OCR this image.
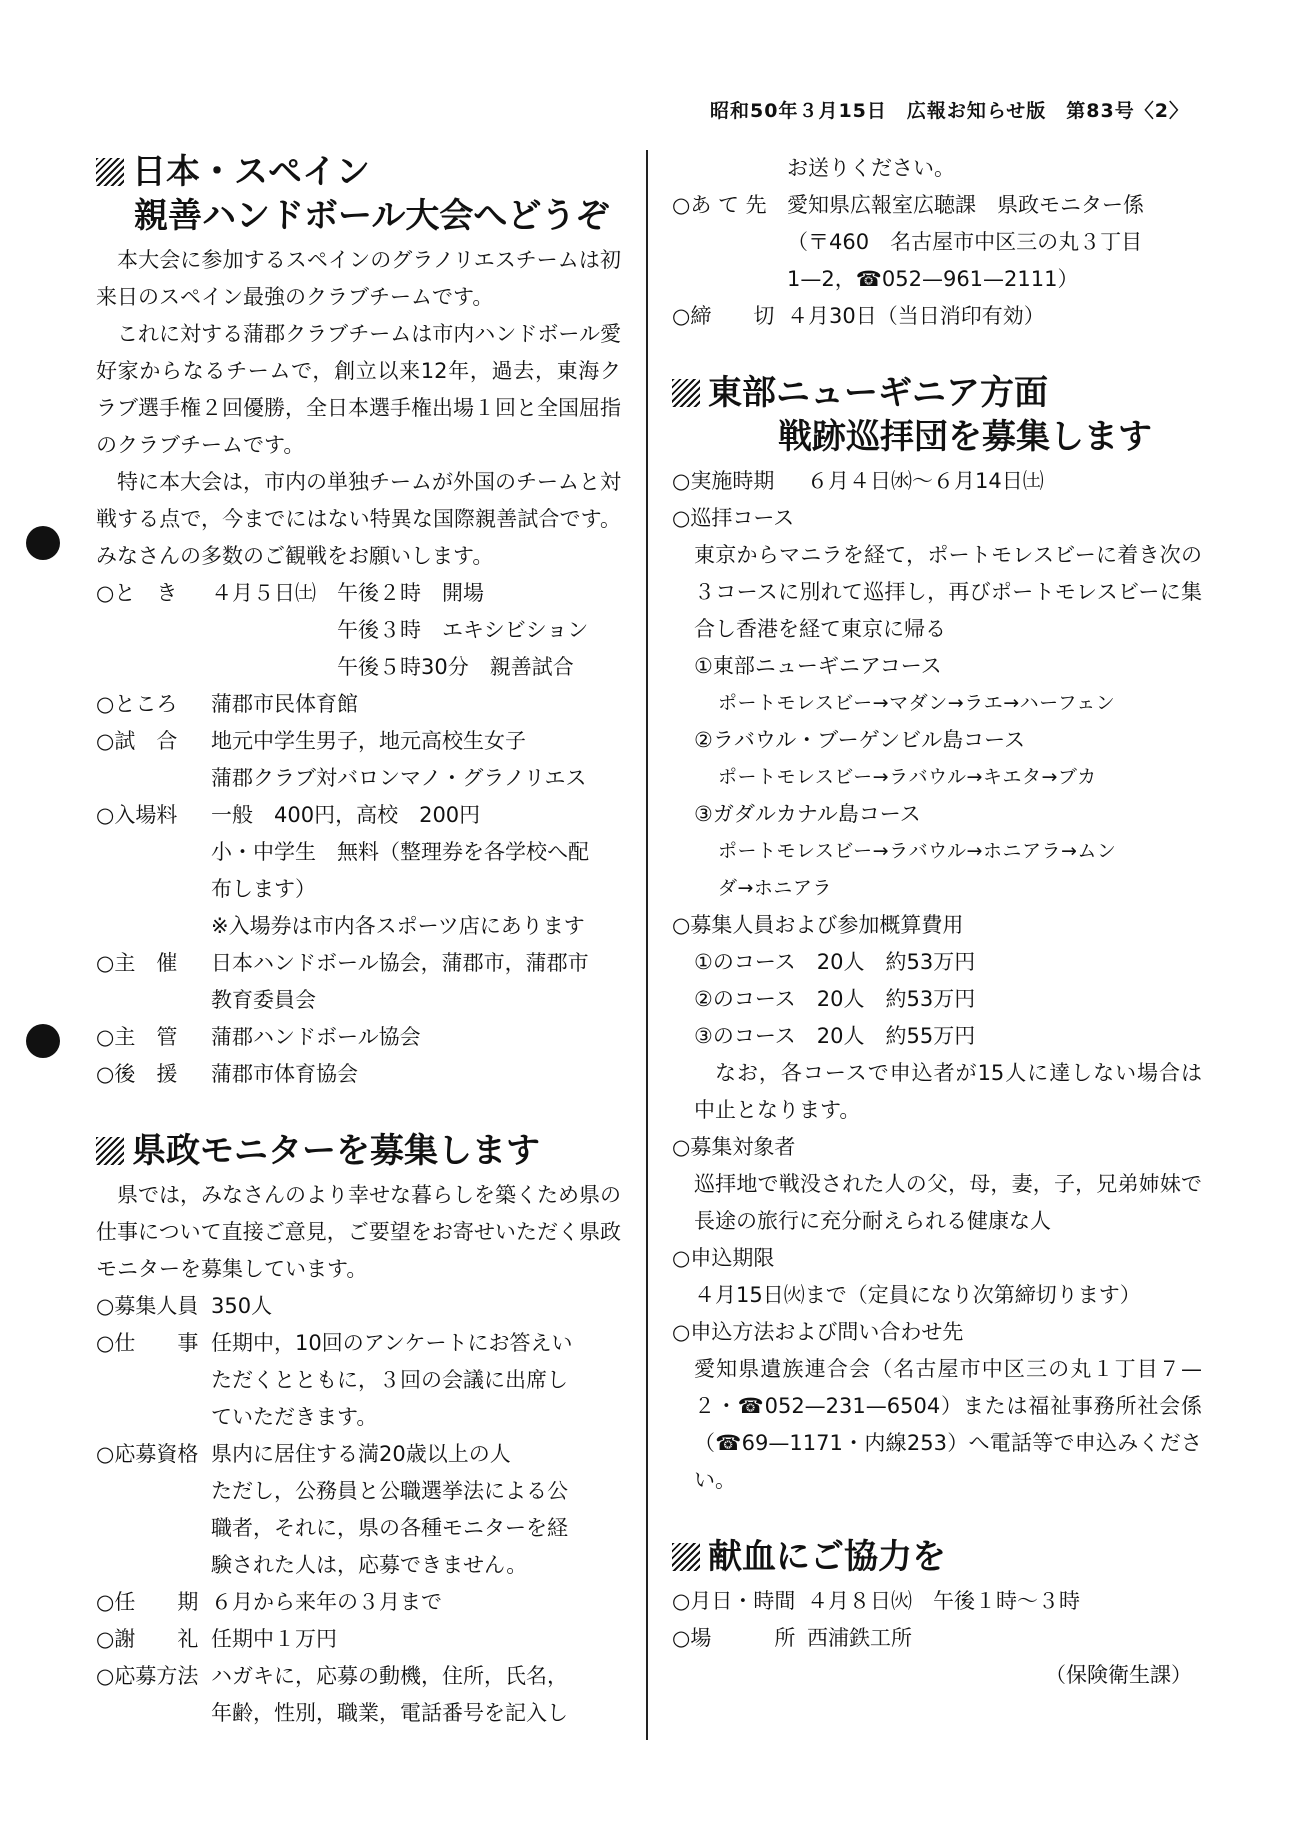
昭和50年３月15日　広報お知らせ版　第83号〈2〉
日本・スペイン
親善ハンドボール大会へどうぞ

本大会に参加するスペインのグラノリエスチームは初来日のスペイン最強のクラブチームです。

これに対する蒲郡クラブチームは市内ハンドボール愛好家からなるチームで，創立以来12年，過去，東海クラブ選手権２回優勝，全日本選手権出場１回と全国屈指のクラブチームです。

特に本大会は，市内の単独チームが外国のチームと対戦する点で，今までにはない特異な国際親善試合です。みなさんの多数のご観戦をお願いします。

○と　き	４月５日㈯　午後２時　開場
　　　　　　午後３時　エキシビション
　　　　　　午後５時30分　親善試合
○ところ	蒲郡市民体育館
○試　合	地元中学生男子，地元高校生女子
蒲郡クラブ対バロンマノ・グラノリエス
○入場料	一般　400円，高校　200円
小・中学生　無料（整理券を各学校へ配
布します）
※入場券は市内各スポーツ店にあります
○主　催	日本ハンドボール協会，蒲郡市，蒲郡市
教育委員会
○主　管	蒲郡ハンドボール協会
○後　援	蒲郡市体育協会
県政モニターを募集します

県では，みなさんのより幸せな暮らしを築くため県の仕事について直接ご意見，ご要望をお寄せいただく県政モニターを募集しています。

○募集人員 350人
○仕　　事 任期中，10回のアンケートにお答えい
ただくとともに，３回の会議に出席し
ていただきます。
○応募資格 県内に居住する満20歳以上の人
ただし，公務員と公職選挙法による公
職者，それに，県の各種モニターを経
験された人は，応募できません。
○任　　期 ６月から来年の３月まで
○謝　　礼 任期中１万円
○応募方法 ハガキに，応募の動機，住所，氏名，
年齢，性別，職業，電話番号を記入し
お送りください。
○あ て 先 愛知県広報室広聴課　県政モニター係
（〒460　名古屋市中区三の丸３丁目
1—2，☎052—961—2111）
○締　　切 ４月30日（当日消印有効）
東部ニューギニア方面
戦跡巡拝団を募集します
○実施時期	６月４日㈬～６月14日㈯
○巡拝コース

東京からマニラを経て，ポートモレスビーに着き次の３コースに別れて巡拝し，再びポートモレスビーに集合し香港を経て東京に帰る

①東部ニューギニアコース
ポートモレスビー→マダン→ラエ→ハーフェン
②ラバウル・ブーゲンビル島コース
ポートモレスビー→ラバウル→キエタ→ブカ
③ガダルカナル島コース
ポートモレスビー→ラバウル→ホニアラ→ムン
ダ→ホニアラ
○募集人員および参加概算費用
①のコース　20人　約53万円
②のコース　20人　約53万円
③のコース　20人　約55万円

なお，各コースで申込者が15人に達しない場合は中止となります。

○募集対象者

巡拝地で戦没された人の父，母，妻，子，兄弟姉妹で長途の旅行に充分耐えられる健康な人

○申込期限

４月15日㈫まで（定員になり次第締切ります）

○申込方法および問い合わせ先

愛知県遺族連合会（名古屋市中区三の丸１丁目７—２・☎052—231—6504）または福祉事務所社会係（☎69—1171・内線253）へ電話等で申込みください。

献血にご協力を
○月日・時間 ４月８日㈫　午後１時～３時
○場　　　所 西浦鉄工所
（保険衛生課）
